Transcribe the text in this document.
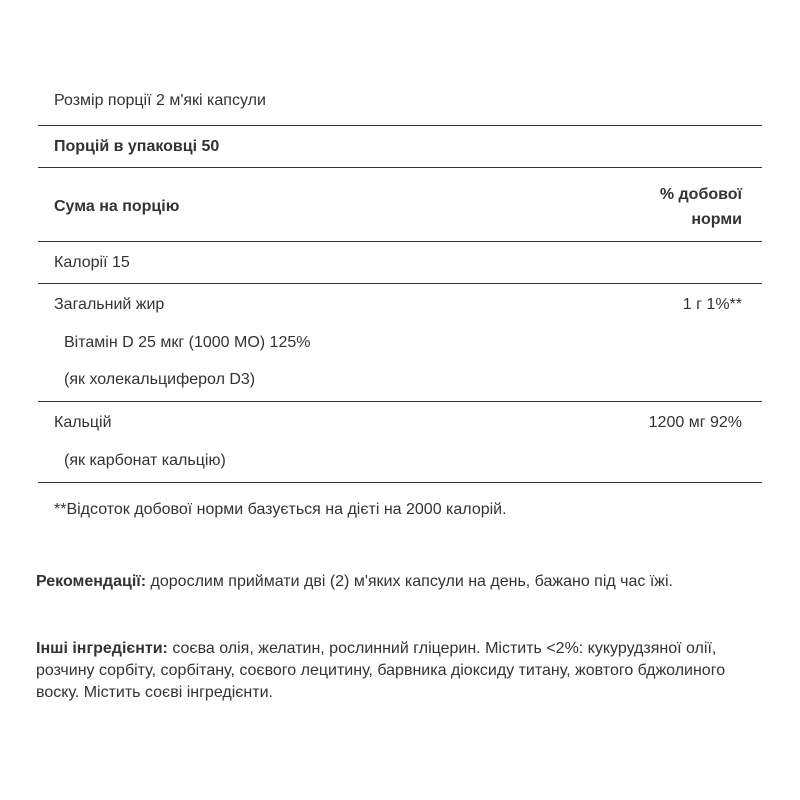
Розмір порції 2 м'які капсули
Порцій в упаковці 50
Сума на порцію
% добової
норми
Калорії 15
Загальний жир	1 г 1%**
Вітамін D 25 мкг (1000 МО) 125%
(як холекальциферол D3)
Кальцій	1200 мг 92%
(як карбонат кальцію)
**Відсоток добової норми базується на дієті на 2000 калорій.
Рекомендації: дорослим приймати дві (2) м'яких капсули на день, бажано під час їжі.
Інші інгредієнти: соєва олія, желатин, рослинний гліцерин. Містить <2%: кукурудзяної олії, розчину сорбіту, сорбітану, соєвого лецитину, барвника діоксиду титану, жовтого бджолиного воску. Містить соєві інгредієнти.
